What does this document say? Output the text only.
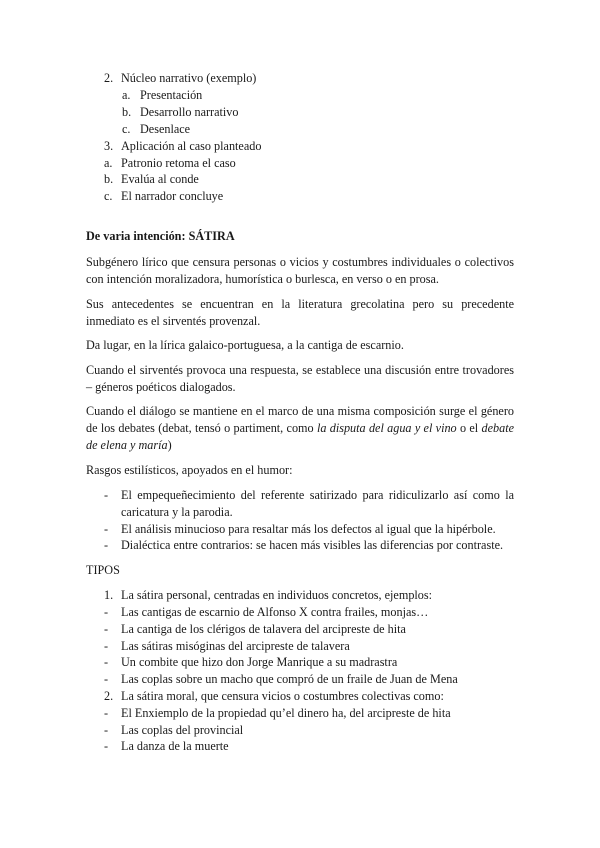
2. Núcleo narrativo (exemplo)
a. Presentación
b. Desarrollo narrativo
c. Desenlace
3. Aplicación al caso planteado
a. Patronio retoma el caso
b. Evalúa al conde
c. El narrador concluye
De varia intención: SÁTIRA
Subgénero lírico que censura personas o vicios y costumbres individuales o colectivos con intención moralizadora, humorística o burlesca, en verso o en prosa.
Sus antecedentes se encuentran en la literatura grecolatina pero su precedente inmediato es el sirventés provenzal.
Da lugar, en la lírica galaico-portuguesa, a la cantiga de escarnio.
Cuando el sirventés provoca una respuesta, se establece una discusión entre trovadores – géneros poéticos dialogados.
Cuando el diálogo se mantiene en el marco de una misma composición surge el género de los debates (debat, tensó o partiment, como la disputa del agua y el vino o el debate de elena y maría)
Rasgos estilísticos, apoyados en el humor:
- El empequeñecimiento del referente satirizado para ridiculizarlo así como la caricatura y la parodia.
- El análisis minucioso para resaltar más los defectos al igual que la hipérbole.
- Dialéctica entre contrarios: se hacen más visibles las diferencias por contraste.
TIPOS
1. La sátira personal, centradas en individuos concretos, ejemplos:
- Las cantigas de escarnio de Alfonso X contra frailes, monjas…
- La cantiga de los clérigos de talavera del arcipreste de hita
- Las sátiras misóginas del arcipreste de talavera
- Un combite que hizo don Jorge Manrique a su madrastra
- Las coplas sobre un macho que compró de un fraile de Juan de Mena
2. La sátira moral, que censura vicios o costumbres colectivas como:
- El Enxiemplo de la propiedad qu’el dinero ha, del arcipreste de hita
- Las coplas del provincial
- La danza de la muerte
